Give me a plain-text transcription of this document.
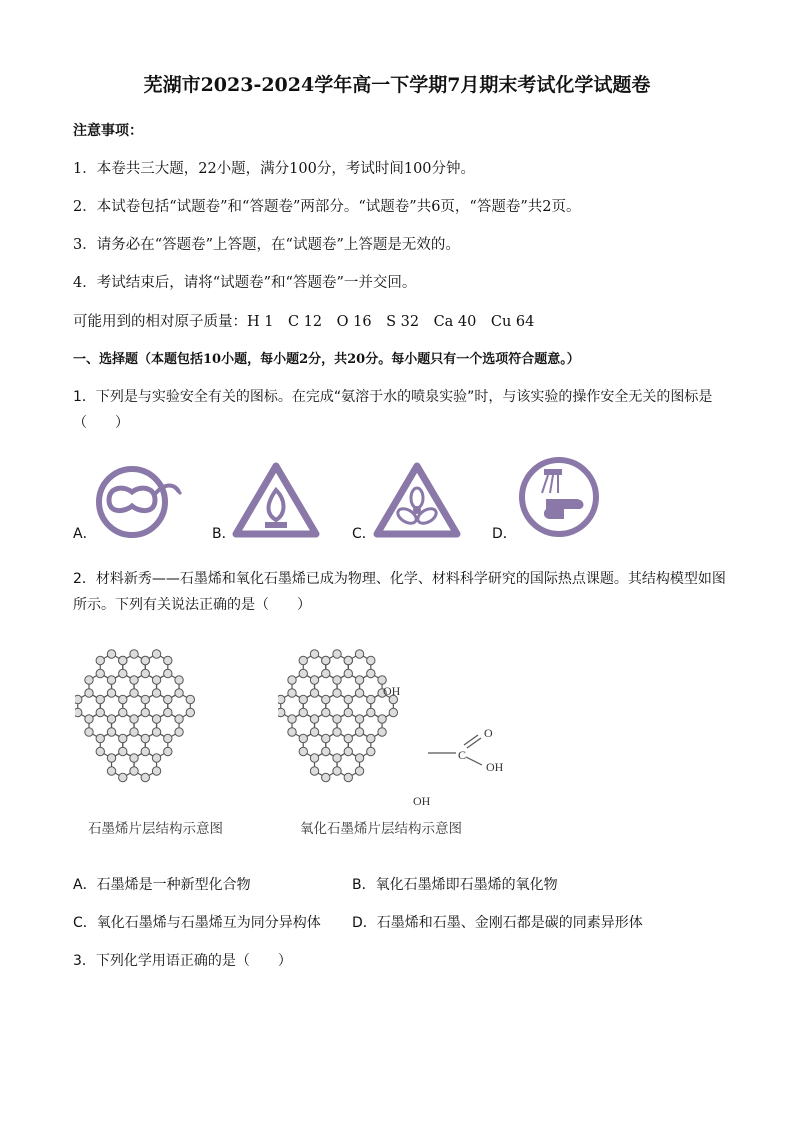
芜湖市2023-2024学年高一下学期7月期末考试化学试题卷
注意事项：
1．本卷共三大题，22小题，满分100分，考试时间100分钟。
2．本试卷包括“试题卷”和“答题卷”两部分。“试题卷”共6页，“答题卷”共2页。
3．请务必在“答题卷”上答题，在“试题卷”上答题是无效的。
4．考试结束后，请将“试题卷”和“答题卷”一并交回。
可能用到的相对原子质量：H 1　C 12　O 16　S 32　Ca 40　Cu 64
一、选择题（本题包括10小题，每小题2分，共20分。每小题只有一个选项符合题意。）
1．下列是与实验安全有关的图标。在完成“氨溶于水的喷泉实验”时，与该实验的操作安全无关的图标是
（　　）
A．	B．	C．	D．
2．材料新秀——石墨烯和氧化石墨烯已成为物理、化学、材料科学研究的国际热点课题。其结构模型如图
所示。下列有关说法正确的是（　　）
OH
OH
O
C
OH
石墨烯片层结构示意图	氧化石墨烯片层结构示意图
A．石墨烯是一种新型化合物	B．氧化石墨烯即石墨烯的氧化物
C．氧化石墨烯与石墨烯互为同分异构体 D．石墨烯和石墨、金刚石都是碳的同素异形体
3．下列化学用语正确的是（　　）
